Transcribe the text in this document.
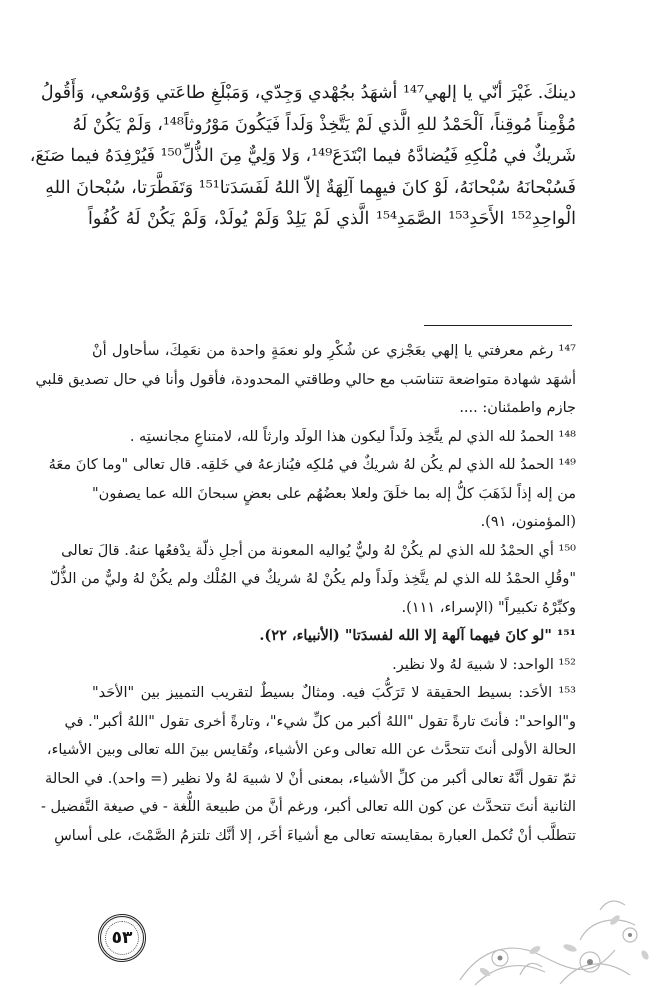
دينكَ. غَيْرَ أنّي يا إلهي¹⁴⁷ أشهَدُ بجُهْدي وَجِدّي، وَمَبْلَغِ طاعَتي وَوُسْعي، وَأَقُولُ
مُؤْمِناً مُوقِناً، اَلْحَمْدُ للهِ الَّذي لَمْ يَتَّخِذْ وَلَداً فَيَكُونَ مَوْرُوثاً¹⁴⁸، وَلَمْ يَكُنْ لَهُ
شَريكٌ في مُلْكِهِ فَيُضادَّهُ فيما ابْتَدَعَ¹⁴⁹، وَلا وَلِيٌّ مِنَ الذُّلِّ¹⁵⁰ فَيُرْفِدَهُ فيما صَنَعَ،
فَسُبْحانَهُ سُبْحانَهُ، لَوْ كانَ فيهِما آلِهَةٌ إلاّ اللهُ لَفَسَدَتا¹⁵¹ وَتَفَطَّرَتا، سُبْحانَ اللهِ
الْواحِدِ¹⁵² الأَحَدِ¹⁵³ الصَّمَدِ¹⁵⁴ الَّذي لَمْ يَلِدْ وَلَمْ يُولَدْ، وَلَمْ يَكُنْ لَهُ كُفُواً
¹⁴⁷ رغم معرفتي يا إلهي بعَجْزي عن شُكْرِ ولو نعمَةٍ واحدة من نعَمِكَ، سأحاول أنْ
أشهَد شهادة متواضعة تتناسَب مع حالي وطاقتي المحدودة، فأقول وأنا في حال تصديق قلبي
جازم واطمئنان: ....
¹⁴⁸ الحمدُ لله الذي لم يتَّخِذ ولَداً ليكون هذا الولَد وارثاً لله، لامتناعِ مجانستِه .
¹⁴⁹ الحمدُ لله الذي لم يكُن لهُ شريكٌ في مُلكِه فيُنازعهُ في خَلقِه. قال تعالى "وما كانَ معَهُ
من إله إذاً لذَهَبَ كلُّ إله بما خلَقَ ولعلا بعضُهُم على بعضٍ سبحانَ الله عما يصفون"
(المؤمنون، ٩١).
¹⁵⁰ أي الحمْدُ لله الذي لم يكُنْ لهُ وليٌّ يُواليه المعونة من أجلِ ذلّة يدْفعُها عنهُ. قالَ تعالى
"وقُلِ الحمْدُ لله الذي لم يتَّخِذ ولَداً ولم يكُنْ لهُ شريكٌ في المُلْك ولم يكُنْ لهُ وليٌّ من الذُّلّ
وكبِّرْهُ تكبيراً" (الإسراء، ١١١).
¹⁵¹ "لو كانَ فيهما آلهة إلا الله لفسدَتا" (الأنبياء، ٢٢).
¹⁵² الواحد: لا شبيهَ لهُ ولا نظير.
¹⁵³ الأحَد: بسيط الحقيقة لا تَرَكُّبَ فيه. ومثالٌ بسيطٌ لتقريب التمييز بين "الأحَد"
و"الواحد": فأنتَ تارةً تقول "اللهُ أكبر من كلِّ شيء"، وتارةً أخرى تقول "اللهُ أكبر". في
الحالة الأولى أنتَ تتحدَّث عن الله تعالى وعن الأشياء، وتُقايس بينَ الله تعالى وبين الأشياء،
ثمّ تقول أنَّهُ تعالى أكبر من كلِّ الأشياء، بمعنى أنْ لا شبيهَ لهُ ولا نظير (= واحد). في الحالة
الثانية أنتَ تتحدَّث عن كون الله تعالى أكبر، ورغم أنَّ من طبيعة اللُّغة - في صيغة التَّفضيل -
تتطلَّب أنْ تُكمل العبارة بمقايسته تعالى مع أشياءَ أخَر، إلا أنَّك تلتزمُ الصَّمْتَ، على أساسِ
٥٣
